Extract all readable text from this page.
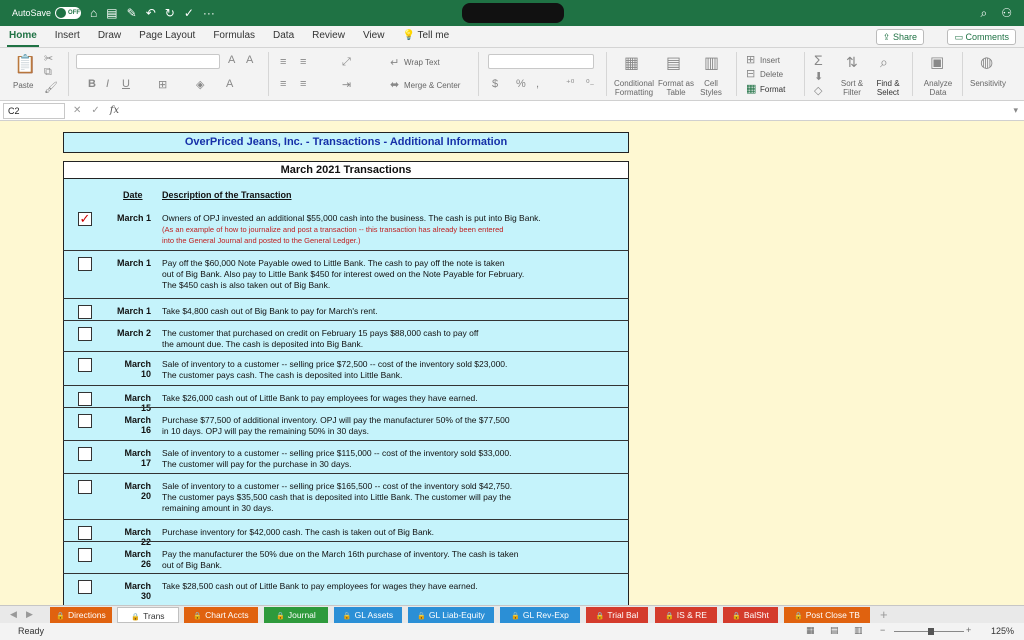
AutoSave	OFF ⌂ ▤ ✎ ↶ ↻ ✓ ···	⌕ ⚇
Home	Insert	Draw	Page Layout	Formulas	Data	Review	View	💡 Tell me	⇪ Share	▭ Comments
📋
Paste
✂
⧉
🖌
A A
B I U	⊞	◈ A
≡ ≡
≡ ≡
⤢
⇥
↵ Wrap Text
⬌ Merge & Center	$ % ,	⁺⁰ ⁰₋
▦
Conditional Formatting
▤
Format as Table
▥
Cell Styles
⊞ Insert
⊟ Delete
▦ Format
Σ
⬇
◇
⇅
Sort & Filter
⌕
Find & Select
▣
Analyze Data
◍
Sensitivity
C2	✕ ✓ fx	▾
OverPriced Jeans, Inc. - Transactions - Additional Information
March 2021 Transactions
Date Description of the Transaction
✓	March 1 Owners of OPJ invested an additional $55,000 cash into the business. The cash is put into Big Bank.
(As an example of how to journalize and post a transaction -- this transaction has already been entered
into the General Journal and posted to the General Ledger.)
March 1 Pay off the $60,000 Note Payable owed to Little Bank. The cash to pay off the note is taken
out of Big Bank. Also pay to Little Bank $450 for interest owed on the Note Payable for February.
The $450 cash is also taken out of Big Bank.
March 1 Take $4,800 cash out of Big Bank to pay for March's rent.
March 2 The customer that purchased on credit on February 15 pays $88,000 cash to pay off
the amount due. The cash is deposited into Big Bank.
March 10
Sale of inventory to a customer -- selling price $72,500 -- cost of the inventory sold $23,000.
The customer pays cash. The cash is deposited into Little Bank.
March 15
Take $26,000 cash out of Little Bank to pay employees for wages they have earned.
March 16
Purchase $77,500 of additional inventory. OPJ will pay the manufacturer 50% of the $77,500
in 10 days. OPJ will pay the remaining 50% in 30 days.
March 17
Sale of inventory to a customer -- selling price $115,000 -- cost of the inventory sold $33,000.
The customer will pay for the purchase in 30 days.
March 20
Sale of inventory to a customer -- selling price $165,500 -- cost of the inventory sold $42,750.
The customer pays $35,500 cash that is deposited into Little Bank. The customer will pay the
remaining amount in 30 days.
March 22
Purchase inventory for $42,000 cash. The cash is taken out of Big Bank.
March 26
Pay the manufacturer the 50% due on the March 16th purchase of inventory. The cash is taken
out of Big Bank.
March 30
Take $28,500 cash out of Little Bank to pay employees for wages they have earned.
◀ ▶	🔒 Directions	🔒 Trans	🔒 Chart Accts	🔒 Journal	🔒 GL Assets	🔒 GL Liab-Equity	🔒 GL Rev-Exp	🔒 Trial Bal	🔒 IS & RE	🔒 BalSht	🔒 Post Close TB	+
Ready	▦ ▤ ▥ −	+ 125%
